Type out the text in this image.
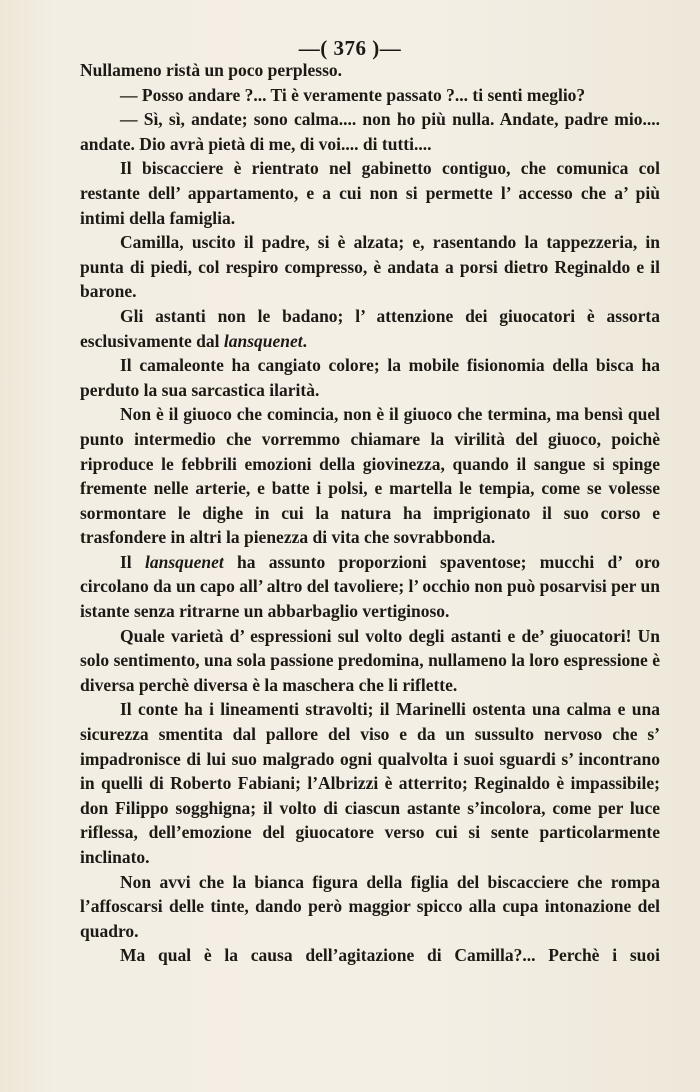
—( 376 )—

Nullameno ristà un poco perplesso.

— Posso andare ?... Ti è veramente passato ?... ti senti meglio?

— Sì, sì, andate; sono calma.... non ho più nulla. Andate, padre mio.... andate. Dio avrà pietà di me, di voi.... di tutti....

Il biscacciere è rientrato nel gabinetto contiguo, che comunica col restante dell’ appartamento, e a cui non si permette l’ accesso che a’ più intimi della famiglia.

Camilla, uscito il padre, si è alzata; e, rasentando la tappezzeria, in punta di piedi, col respiro compresso, è andata a porsi dietro Reginaldo e il barone.

Gli astanti non le badano; l’ attenzione dei giuocatori è assorta esclusivamente dal lansquenet.

Il camaleonte ha cangiato colore; la mobile fisionomia della bisca ha perduto la sua sarcastica ilarità.

Non è il giuoco che comincia, non è il giuoco che termina, ma bensì quel punto intermedio che vorremmo chiamare la virilità del giuoco, poichè riproduce le febbrili emozioni della giovinezza, quando il sangue si spinge fremente nelle arterie, e batte i polsi, e martella le tempia, come se volesse sormontare le dighe in cui la natura ha imprigionato il suo corso e trasfondere in altri la pienezza di vita che sovrabbonda.

Il lansquenet ha assunto proporzioni spaventose; mucchi d’ oro circolano da un capo all’ altro del tavoliere; l’ occhio non può posarvisi per un istante senza ritrarne un abbarbaglio vertiginoso.

Quale varietà d’ espressioni sul volto degli astanti e de’ giuocatori! Un solo sentimento, una sola passione predomina, nullameno la loro espressione è diversa perchè diversa è la maschera che li riflette.

Il conte ha i lineamenti stravolti; il Marinelli ostenta una calma e una sicurezza smentita dal pallore del viso e da un sussulto nervoso che s’ impadronisce di lui suo malgrado ogni qualvolta i suoi sguardi s’ incontrano in quelli di Roberto Fabiani; l’Albrizzi è atterrito; Reginaldo è impassibile; don Filippo sogghigna; il volto di ciascun astante s’incolora, come per luce riflessa, dell’emozione del giuocatore verso cui si sente particolarmente inclinato.

Non avvi che la bianca figura della figlia del biscacciere che rompa l’affoscarsi delle tinte, dando però maggior spicco alla cupa intonazione del quadro.

Ma qual è la causa dell’agitazione di Camilla?... Perchè i suoi
